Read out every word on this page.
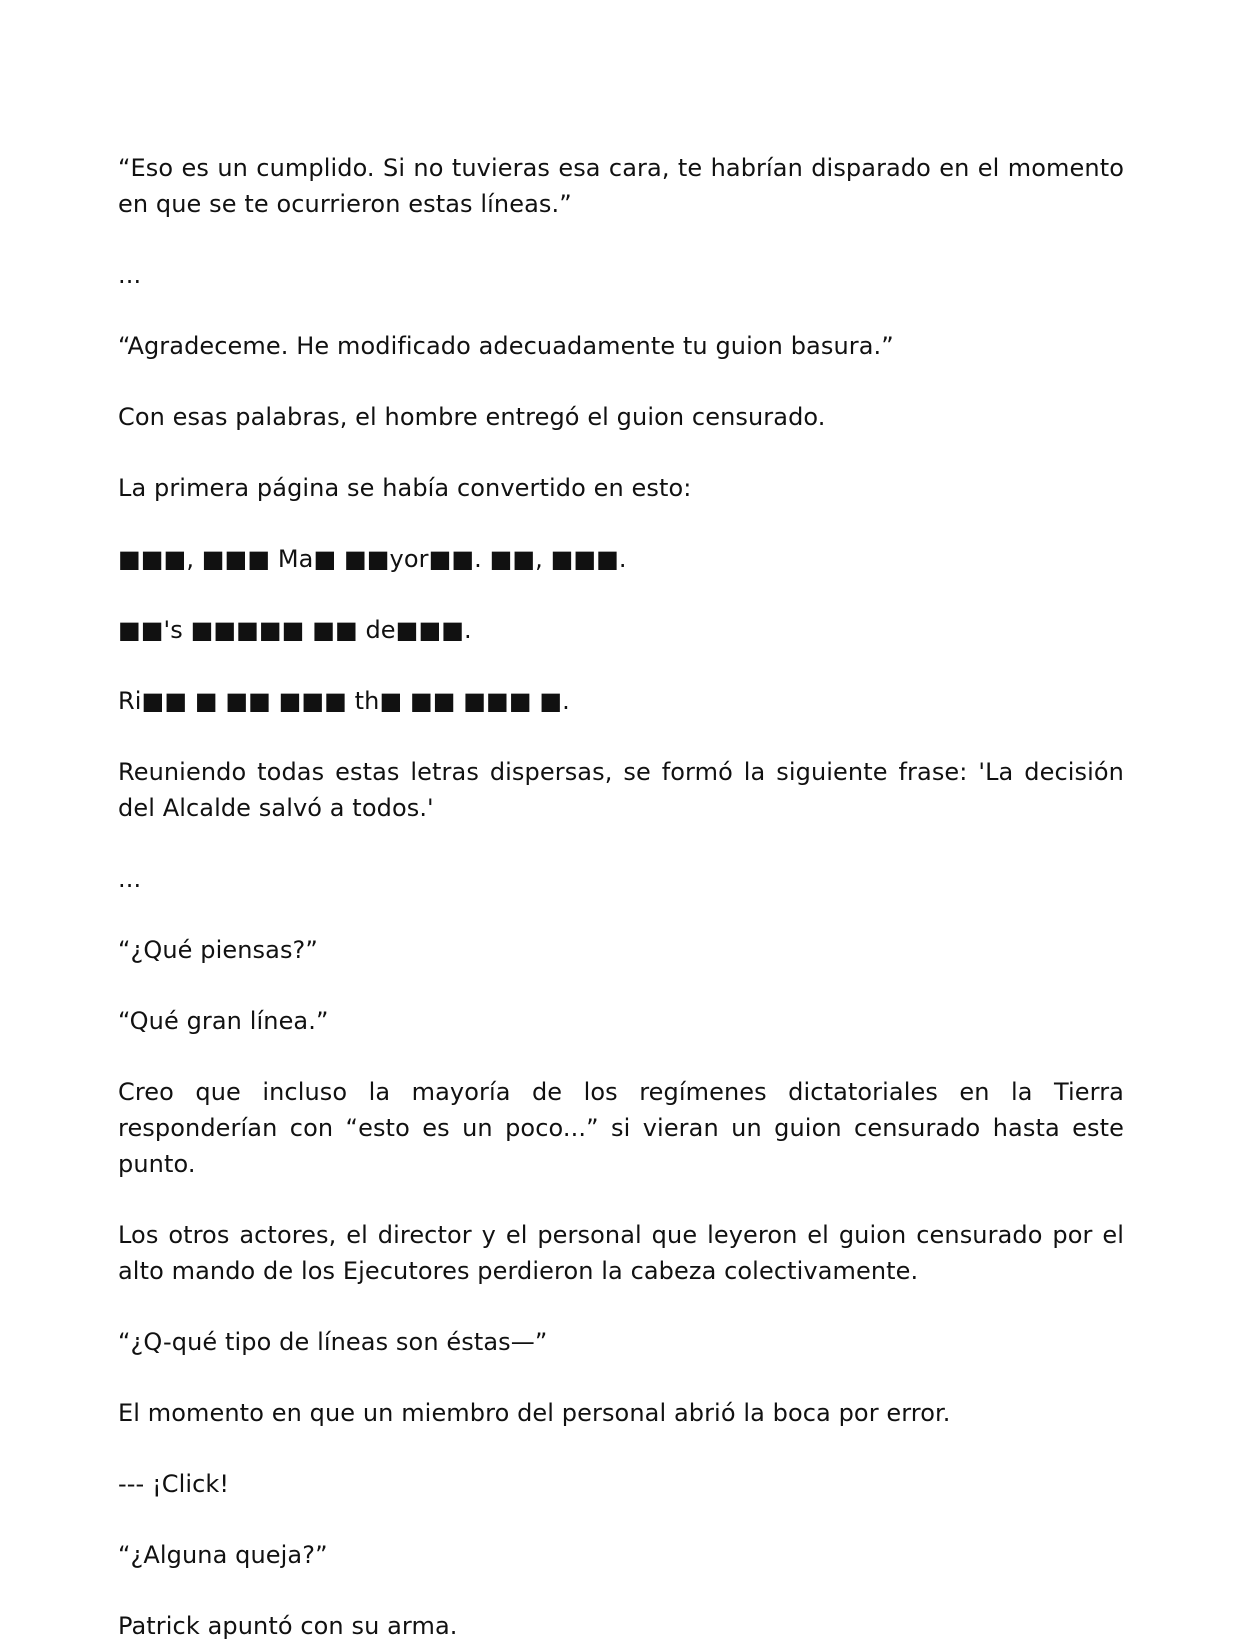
“Eso es un cumplido. Si no tuvieras esa cara, te habrían disparado en el momento en que se te ocurrieron estas líneas.”

...

“Agradeceme. He modificado adecuadamente tu guion basura.”

Con esas palabras, el hombre entregó el guion censurado.

La primera página se había convertido en esto:

■■■, ■■■ Ma■ ■■yor■■. ■■, ■■■.

■■'s ■■■■■ ■■ de■■■.

Ri■■ ■ ■■ ■■■ th■ ■■ ■■■ ■.

Reuniendo todas estas letras dispersas, se formó la siguiente frase: 'La decisión del Alcalde salvó a todos.'

...

“¿Qué piensas?”

“Qué gran línea.”

Creo que incluso la mayoría de los regímenes dictatoriales en la Tierra responderían con “esto es un poco...” si vieran un guion censurado hasta este punto.

Los otros actores, el director y el personal que leyeron el guion censurado por el alto mando de los Ejecutores perdieron la cabeza colectivamente.

“¿Q-qué tipo de líneas son éstas—”

El momento en que un miembro del personal abrió la boca por error.

--- ¡Click!

“¿Alguna queja?”

Patrick apuntó con su arma.
